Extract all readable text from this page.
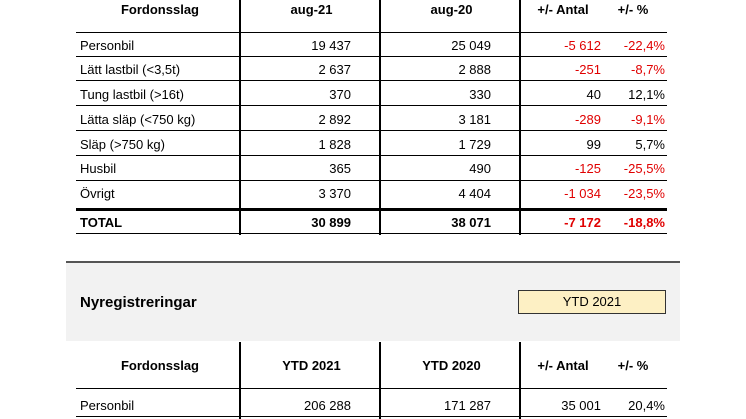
Fordonsslag	aug-21	aug-20	+/- Antal	+/- %
Personbil	19 437	25 049	-5 612	-22,4%
Lätt lastbil (<3,5t)	2 637	2 888	-251	-8,7%
Tung lastbil (>16t)	370	330	40	12,1%
Lätta släp (<750 kg)	2 892	3 181	-289	-9,1%
Släp (>750 kg)	1 828	1 729	99	5,7%
Husbil	365	490	-125	-25,5%
Övrigt	3 370	4 404	-1 034	-23,5%
TOTAL	30 899	38 071	-7 172	-18,8%
Nyregistreringar	YTD 2021
Fordonsslag	YTD 2021	YTD 2020	+/- Antal	+/- %
Personbil	206 288	171 287	35 001	20,4%
